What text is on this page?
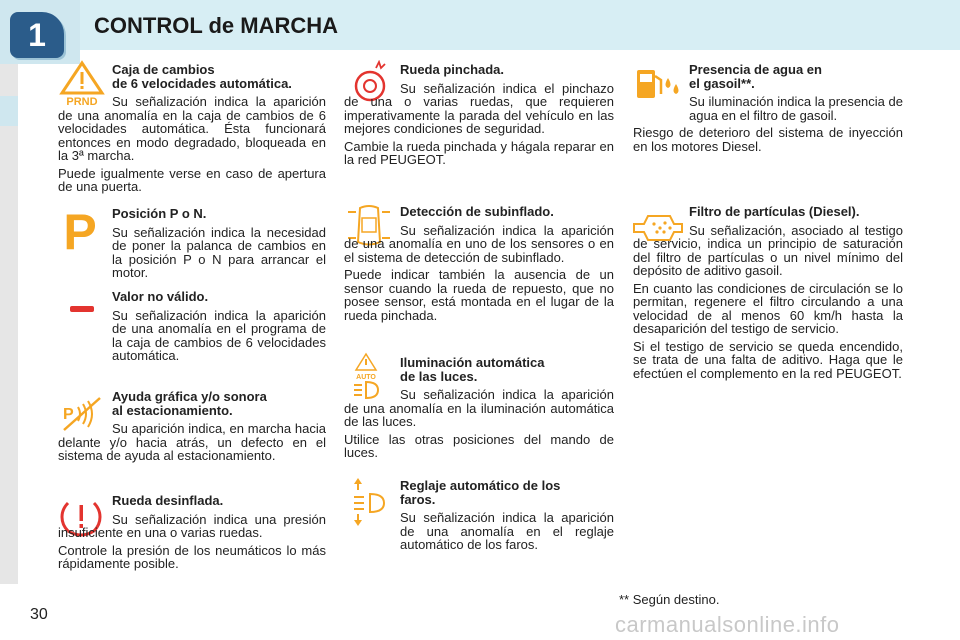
1	CONTROL de MARCHA
PRND
P
P
AUTO
Caja de cambios
de 6 velocidades automática.

Su señalización indica la aparición de una anomalía en la caja de cambios de 6 velocidades automática. Ésta funcionará entonces en modo degradado, bloqueada en la 3ª marcha.

Puede igualmente verse en caso de apertura de una puerta.

Posición P o N.

Su señalización indica la necesidad de poner la palanca de cambios en la posición P o N para arrancar el motor.

Valor no válido.

Su señalización indica la aparición de una anomalía en el programa de la caja de cambios de 6 velocidades automática.

Ayuda gráfica y/o sonora
al estacionamiento.

Su aparición indica, en marcha hacia delante y/o hacia atrás, un defecto en el sistema de ayuda al estacionamiento.

Rueda desinflada.

Su señalización indica una presión insuficiente en una o varias ruedas.

Controle la presión de los neumáticos lo más rápidamente posible.

Rueda pinchada.

Su señalización indica el pinchazo de una o varias ruedas, que requieren imperativamente la parada del vehículo en las mejores condiciones de seguridad.

Cambie la rueda pinchada y hágala reparar en la red PEUGEOT.

Detección de subinflado.

Su señalización indica la aparición de una anomalía en uno de los sensores o en el sistema de detección de subinflado.

Puede indicar también la ausencia de un sensor cuando la rueda de repuesto, que no posee sensor, está montada en el lugar de la rueda pinchada.

Iluminación automática
de las luces.

Su señalización indica la aparición de una anomalía en la iluminación automática de las luces.

Utilice las otras posiciones del mando de luces.

Reglaje automático de los
faros.

Su señalización indica la aparición de una anomalía en el reglaje automático de los faros.

Presencia de agua en
el gasoil**.

Su iluminación indica la presencia de agua en el filtro de gasoil.

Riesgo de deterioro del sistema de inyección en los motores Diesel.

Filtro de partículas (Diesel).

Su señalización, asociado al testigo de servicio, indica un principio de saturación del filtro de partículas o un nivel mínimo del depósito de aditivo gasoil.

En cuanto las condiciones de circulación se lo permitan, regenere el filtro circulando a una velocidad de al menos 60 km/h hasta la desaparición del testigo de servicio.

Si el testigo de servicio se queda encendido, se trata de una falta de aditivo. Haga que le efectúen el complemento en la red PEUGEOT.

** Según destino.
30	carmanualsonline.info
